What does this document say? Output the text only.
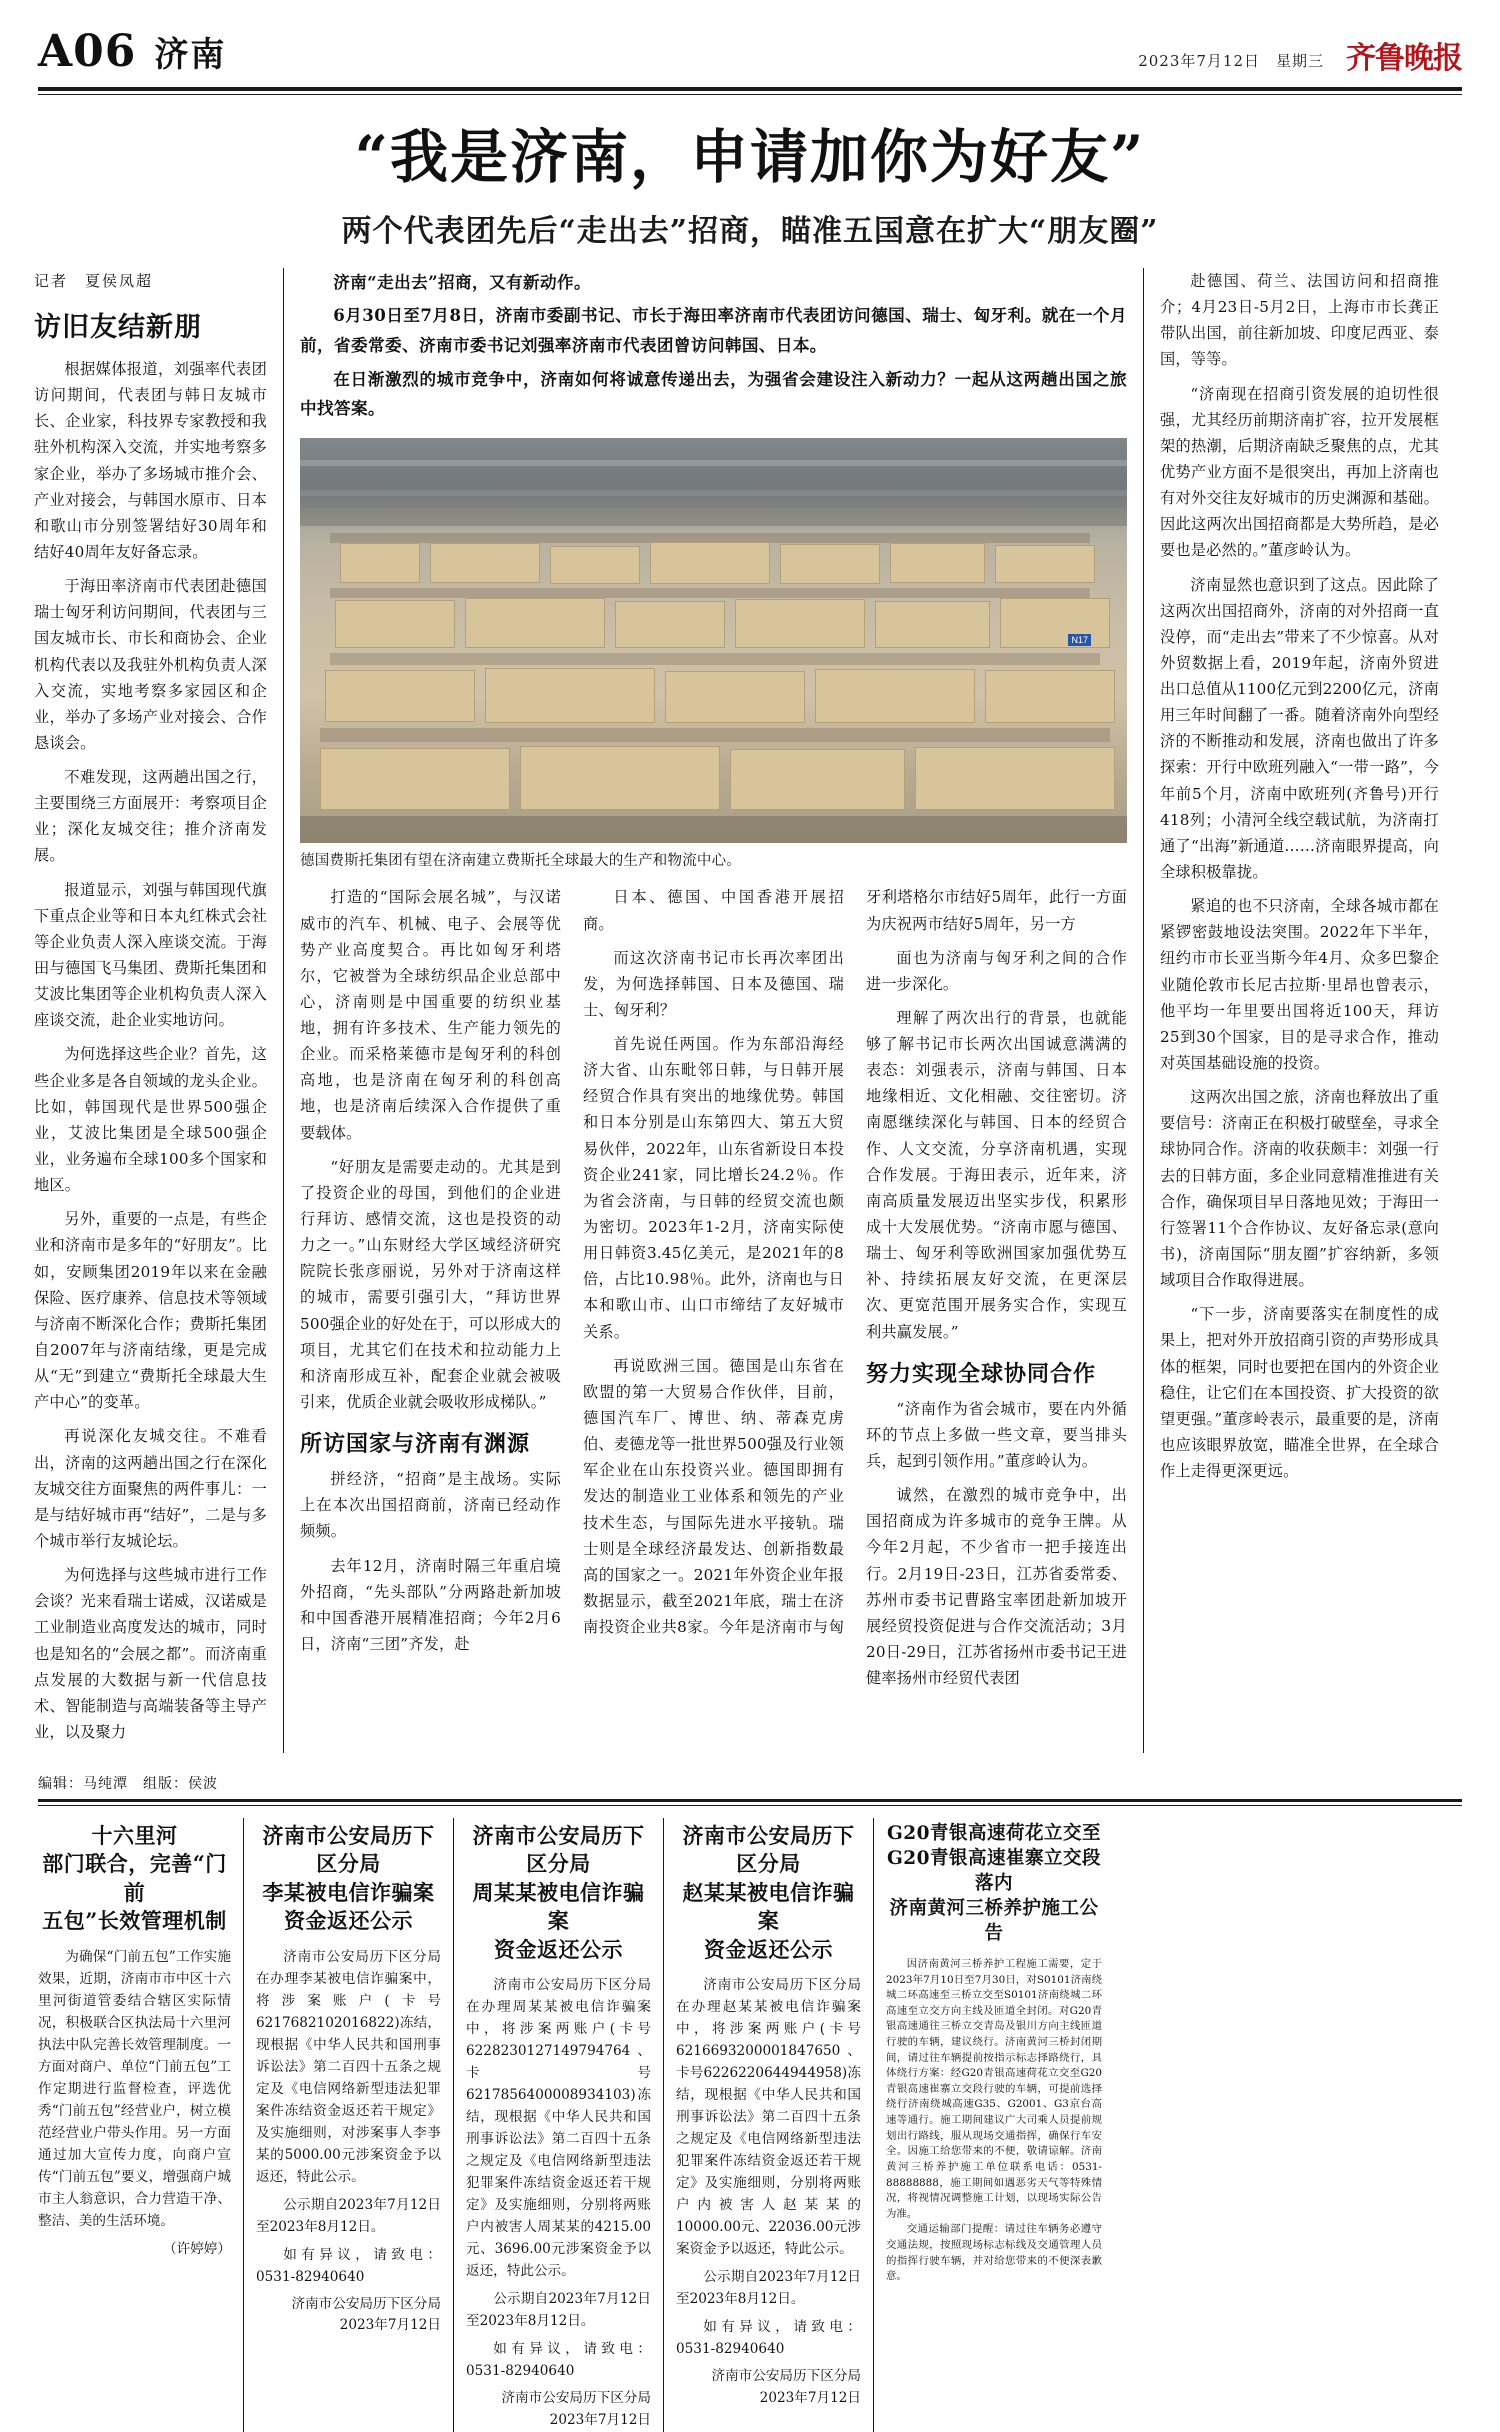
A06 济南	2023年7月12日　星期三 齐鲁晚报
“我是济南，申请加你为好友”
两个代表团先后“走出去”招商，瞄准五国意在扩大“朋友圈”
记者　夏侯凤超
访旧友结新朋

根据媒体报道，刘强率代表团访问期间，代表团与韩日友城市长、企业家，科技界专家教授和我驻外机构深入交流，并实地考察多家企业，举办了多场城市推介会、产业对接会，与韩国水原市、日本和歌山市分别签署结好30周年和结好40周年友好备忘录。

于海田率济南市代表团赴德国瑞士匈牙利访问期间，代表团与三国友城市长、市长和商协会、企业机构代表以及我驻外机构负责人深入交流，实地考察多家园区和企业，举办了多场产业对接会、合作恳谈会。

不难发现，这两趟出国之行，主要围绕三方面展开：考察项目企业；深化友城交往；推介济南发展。

报道显示，刘强与韩国现代旗下重点企业等和日本丸红株式会社等企业负责人深入座谈交流。于海田与德国飞马集团、费斯托集团和艾波比集团等企业机构负责人深入座谈交流，赴企业实地访问。

为何选择这些企业？首先，这些企业多是各自领域的龙头企业。比如，韩国现代是世界500强企业，艾波比集团是全球500强企业，业务遍布全球100多个国家和地区。

另外，重要的一点是，有些企业和济南市是多年的“好朋友”。比如，安顾集团2019年以来在金融保险、医疗康养、信息技术等领域与济南不断深化合作；费斯托集团自2007年与济南结缘，更是完成从“无”到建立“费斯托全球最大生产中心”的变革。

再说深化友城交往。不难看出，济南的这两趟出国之行在深化友城交往方面聚焦的两件事儿：一是与结好城市再“结好”，二是与多个城市举行友城论坛。

为何选择与这些城市进行工作会谈？光来看瑞士诺威，汉诺威是工业制造业高度发达的城市，同时也是知名的“会展之都”。而济南重点发展的大数据与新一代信息技术、智能制造与高端装备等主导产业，以及聚力

济南“走出去”招商，又有新动作。

6月30日至7月8日，济南市委副书记、市长于海田率济南市代表团访问德国、瑞士、匈牙利。就在一个月前，省委常委、济南市委书记刘强率济南市代表团曾访问韩国、日本。

在日渐激烈的城市竞争中，济南如何将诚意传递出去，为强省会建设注入新动力？一起从这两趟出国之旅中找答案。

N17
德国费斯托集团有望在济南建立费斯托全球最大的生产和物流中心。

打造的“国际会展名城”，与汉诺威市的汽车、机械、电子、会展等优势产业高度契合。再比如匈牙利塔尔，它被誉为全球纺织品企业总部中心，济南则是中国重要的纺织业基地，拥有许多技术、生产能力领先的企业。而采格莱德市是匈牙利的科创高地，也是济南在匈牙利的科创高地，也是济南后续深入合作提供了重要载体。

“好朋友是需要走动的。尤其是到了投资企业的母国，到他们的企业进行拜访、感情交流，这也是投资的动力之一。”山东财经大学区域经济研究院院长张彦丽说，另外对于济南这样的城市，需要引强引大，“拜访世界500强企业的好处在于，可以形成大的项目，尤其它们在技术和拉动能力上和济南形成互补，配套企业就会被吸引来，优质企业就会吸收形成梯队。”

所访国家与济南有渊源

拼经济，“招商”是主战场。实际上在本次出国招商前，济南已经动作频频。

去年12月，济南时隔三年重启境外招商，“先头部队”分两路赴新加坡和中国香港开展精准招商；今年2月6日，济南“三团”齐发，赴

日本、德国、中国香港开展招商。

而这次济南书记市长再次率团出发，为何选择韩国、日本及德国、瑞士、匈牙利？

首先说任两国。作为东部沿海经济大省、山东毗邻日韩，与日韩开展经贸合作具有突出的地缘优势。韩国和日本分别是山东第四大、第五大贸易伙伴，2022年，山东省新设日本投资企业241家，同比增长24.2％。作为省会济南，与日韩的经贸交流也颇为密切。2023年1-2月，济南实际使用日韩资3.45亿美元，是2021年的8倍，占比10.98％。此外，济南也与日本和歌山市、山口市缔结了友好城市关系。

再说欧洲三国。德国是山东省在欧盟的第一大贸易合作伙伴，目前，德国汽车厂、博世、纳、蒂森克虏伯、麦德龙等一批世界500强及行业领军企业在山东投资兴业。德国即拥有发达的制造业工业体系和领先的产业技术生态，与国际先进水平接轨。瑞士则是全球经济最发达、创新指数最高的国家之一。2021年外资企业年报数据显示，截至2021年底，瑞士在济南投资企业共8家。今年是济南市与匈牙利塔格尔市结好5周年，此行一方面为庆祝两市结好5周年，另一方

面也为济南与匈牙利之间的合作进一步深化。

理解了两次出行的背景，也就能够了解书记市长两次出国诚意满满的表态：刘强表示，济南与韩国、日本地缘相近、文化相融、交往密切。济南愿继续深化与韩国、日本的经贸合作、人文交流，分享济南机遇，实现合作发展。于海田表示，近年来，济南高质量发展迈出坚实步伐，积累形成十大发展优势。“济南市愿与德国、瑞士、匈牙利等欧洲国家加强优势互补、持续拓展友好交流，在更深层次、更宽范围开展务实合作，实现互利共赢发展。”

努力实现全球协同合作

“济南作为省会城市，要在内外循环的节点上多做一些文章，要当排头兵，起到引领作用。”董彦岭认为。

诚然，在激烈的城市竞争中，出国招商成为许多城市的竞争王牌。从今年2月起，不少省市一把手接连出行。2月19日-23日，江苏省委常委、苏州市委书记曹路宝率团赴新加坡开展经贸投资促进与合作交流活动；3月20日-29日，江苏省扬州市委书记王进健率扬州市经贸代表团

赴德国、荷兰、法国访问和招商推介；4月23日-5月2日，上海市市长龚正带队出国，前往新加坡、印度尼西亚、泰国，等等。

“济南现在招商引资发展的迫切性很强，尤其经历前期济南扩容，拉开发展框架的热潮，后期济南缺乏聚焦的点，尤其优势产业方面不是很突出，再加上济南也有对外交往友好城市的历史渊源和基础。因此这两次出国招商都是大势所趋，是必要也是必然的。”董彦岭认为。

济南显然也意识到了这点。因此除了这两次出国招商外，济南的对外招商一直没停，而“走出去”带来了不少惊喜。从对外贸数据上看，2019年起，济南外贸进出口总值从1100亿元到2200亿元，济南用三年时间翻了一番。随着济南外向型经济的不断推动和发展，济南也做出了许多探索：开行中欧班列融入“一带一路”，今年前5个月，济南中欧班列(齐鲁号)开行418列；小清河全线空载试航，为济南打通了“出海”新通道……济南眼界提高，向全球积极靠拢。

紧追的也不只济南，全球各城市都在紧锣密鼓地设法突围。2022年下半年，纽约市市长亚当斯今年4月、众多巴黎企业随伦敦市长尼古拉斯·里昂也曾表示，他平均一年里要出国将近100天，拜访25到30个国家，目的是寻求合作，推动对英国基础设施的投资。

这两次出国之旅，济南也释放出了重要信号：济南正在积极打破壁垒，寻求全球协同合作。济南的收获颇丰：刘强一行去的日韩方面，多企业同意精准推进有关合作，确保项目早日落地见效；于海田一行签署11个合作协议、友好备忘录(意向书)，济南国际“朋友圈”扩容纳新，多领域项目合作取得进展。

“下一步，济南要落实在制度性的成果上，把对外开放招商引资的声势形成具体的框架，同时也要把在国内的外资企业稳住，让它们在本国投资、扩大投资的欲望更强。”董彦岭表示，最重要的是，济南也应该眼界放宽，瞄准全世界，在全球合作上走得更深更远。

编辑：马纯潭　组版：侯波
十六里河
部门联合，完善“门前
五包”长效管理机制

为确保“门前五包”工作实施效果，近期，济南市市中区十六里河街道管委结合辖区实际情况，积极联合区执法局十六里河执法中队完善长效管理制度。一方面对商户、单位“门前五包”工作定期进行监督检查，评选优秀“门前五包”经营业户，树立模范经营业户带头作用。另一方面通过加大宣传力度，向商户宣传“门前五包”要义，增强商户城市主人翁意识，合力营造干净、整洁、美的生活环境。

（许婷婷）

济南市公安局历下区分局
李某被电信诈骗案
资金返还公示

济南市公安局历下区分局在办理李某被电信诈骗案中，将涉案账户(卡号6217682102016822)冻结，现根据《中华人民共和国刑事诉讼法》第二百四十五条之规定及《电信网络新型违法犯罪案件冻结资金返还若干规定》及实施细则，对涉案事人李亊某的5000.00元涉案资金予以返还，特此公示。

公示期自2023年7月12日至2023年8月12日。

如有异议，请致电：0531-82940640

济南市公安局历下区分局
2023年7月12日
济南市公安局历下区分局
周某某被电信诈骗案
资金返还公示

济南市公安局历下区分局在办理周某某被电信诈骗案中，将涉案两账户(卡号6228230127149794764、卡号6217856400008934103)冻结，现根据《中华人民共和国刑事诉讼法》第二百四十五条之规定及《电信网络新型违法犯罪案件冻结资金返还若干规定》及实施细则，分别将两账户内被害人周某某的4215.00元、3696.00元涉案资金予以返还，特此公示。

公示期自2023年7月12日至2023年8月12日。

如有异议，请致电：0531-82940640

济南市公安局历下区分局
2023年7月12日
济南市公安局历下区分局
赵某某被电信诈骗案
资金返还公示

济南市公安局历下区分局在办理赵某某被电信诈骗案中，将涉案两账户(卡号6216693200001847650、卡号6226220644944958)冻结，现根据《中华人民共和国刑事诉讼法》第二百四十五条之规定及《电信网络新型违法犯罪案件冻结资金返还若干规定》及实施细则，分别将两账户内被害人赵某某的10000.00元、22036.00元涉案资金予以返还，特此公示。

公示期自2023年7月12日至2023年8月12日。

如有异议，请致电：0531-82940640

济南市公安局历下区分局
2023年7月12日
G20青银高速荷花立交至
G20青银高速崔寨立交段落内
济南黄河三桥养护施工公告

因济南黄河三桥养护工程施工需要，定于2023年7月10日至7月30日，对S0101济南绕城二环高速至三桥立交至S0101济南绕城二环高速至立交方向主线及匝道全封闭。对G20青银高速通往三桥立交青岛及银川方向主线匝道行驶的车辆，建议绕行。济南黄河三桥封闭期间，请过往车辆提前按指示标志择路绕行，具体绕行方案：经G20青银高速荷花立交至G20青银高速崔寨立交段行驶的车辆，可提前选择绕行济南绕城高速G35、G2001、G3京台高速等通行。施工期间建议广大司乘人员提前规划出行路线，服从现场交通指挥，确保行车安全。因施工给您带来的不便，敬请谅解。济南黄河三桥养护施工单位联系电话：0531-88888888，施工期间如遇恶劣天气等特殊情况，将视情况调整施工计划，以现场实际公告为准。

交通运输部门提醒：请过往车辆务必遵守交通法规，按照现场标志标线及交通管理人员的指挥行驶车辆，并对给您带来的不便深表歉意。
